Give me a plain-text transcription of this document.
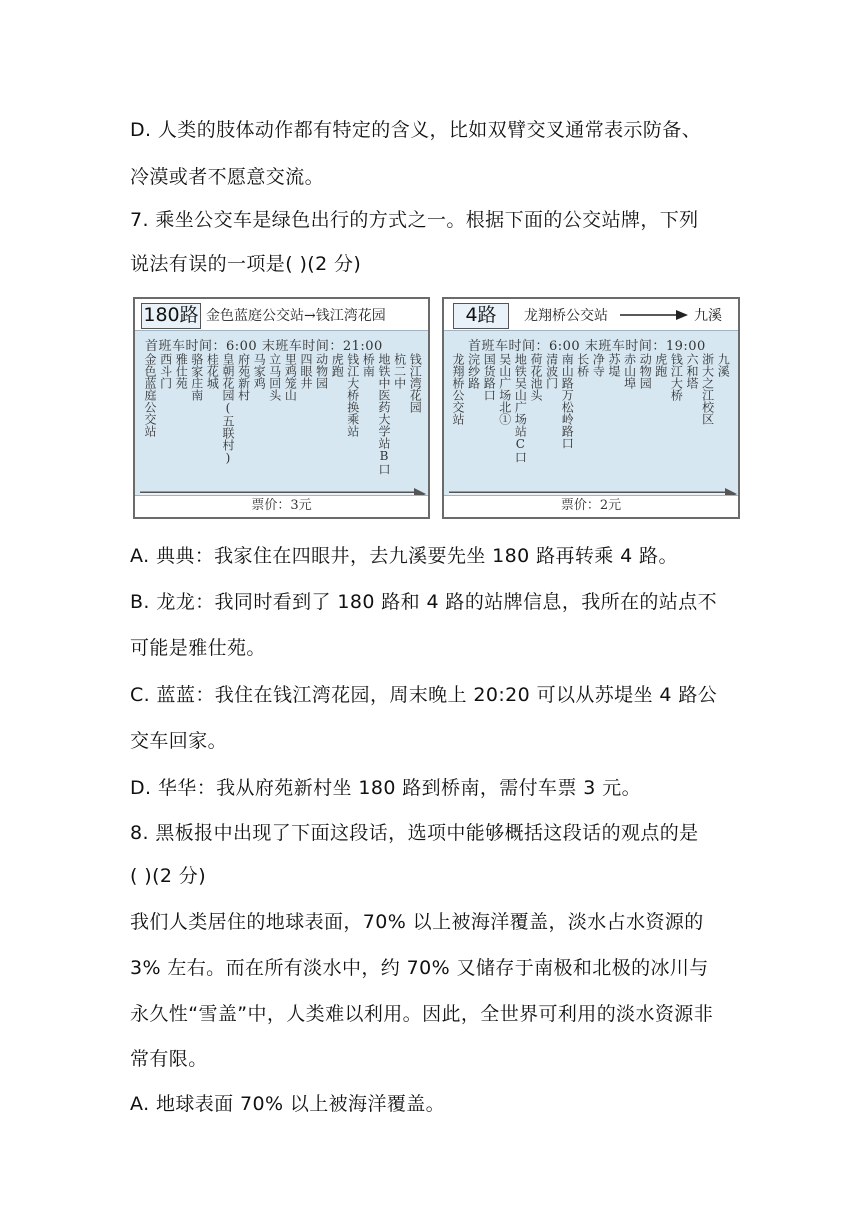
D. 人类的肢体动作都有特定的含义，比如双臂交叉通常表示防备、
冷漠或者不愿意交流。
7. 乘坐公交车是绿色出行的方式之一。根据下面的公交站牌，下列
说法有误的一项是( )(2 分)
A. 典典：我家住在四眼井，去九溪要先坐 180 路再转乘 4 路。
B. 龙龙：我同时看到了 180 路和 4 路的站牌信息，我所在的站点不
可能是雅仕苑。
C. 蓝蓝：我住在钱江湾花园，周末晚上 20:20 可以从苏堤坐 4 路公
交车回家。
D. 华华：我从府苑新村坐 180 路到桥南，需付车票 3 元。
8. 黑板报中出现了下面这段话，选项中能够概括这段话的观点的是
( )(2 分)
我们人类居住的地球表面，70% 以上被海洋覆盖，淡水占水资源的
3% 左右。而在所有淡水中，约 70% 又储存于南极和北极的冰川与
永久性“雪盖”中，人类难以利用。因此，全世界可利用的淡水资源非
常有限。
A. 地球表面 70% 以上被海洋覆盖。
180路 金色蓝庭公交站→钱江湾花园
首班车时间：6:00 末班车时间：21:00
金色蓝庭公交站 西斗门 雅仕苑 骆家庄南 桂花城 皇朝花园(五联村) 府苑新村 马家鸡 立马回头 里鸡笼山 四眼井 动物园 虎跑 钱江大桥换乘站 桥南 地铁中医药大学站B口 杭二中 钱江湾花园
票价：3元
4路	龙翔桥公交站	九溪
首班车时间：6:00 末班车时间：19:00
龙翔桥公交站 浣纱路 国货路口 吴山广场北① 地铁吴山广场站C口 荷花池头 清波门 南山路万松岭路口 长桥 净寺 苏堤 赤山埠 动物园 虎跑 钱江大桥 六和塔 浙大之江校区 九溪
票价：2元
